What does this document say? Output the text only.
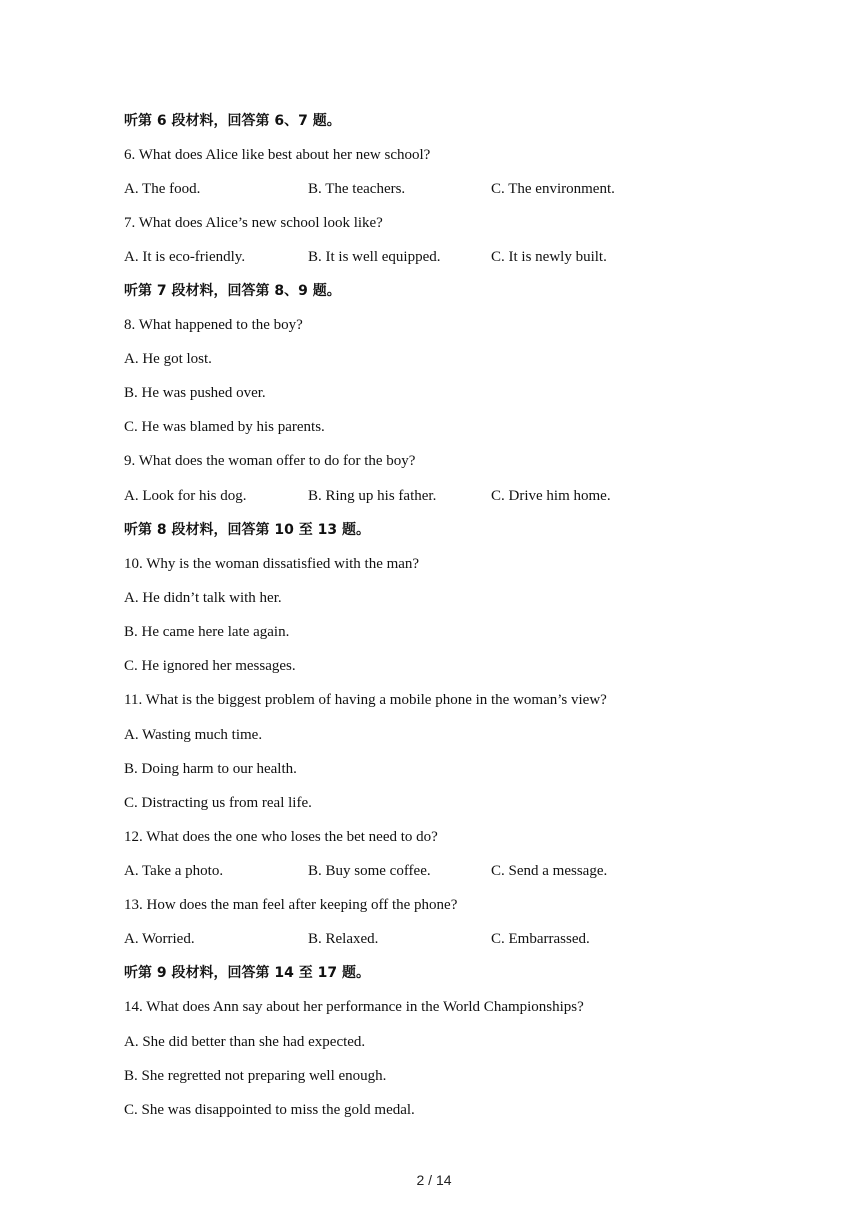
听第 6 段材料，回答第 6、7 题。
6. What does Alice like best about her new school?
A. The food.	B. The teachers.	C. The environment.
7. What does Alice’s new school look like?
A. It is eco-friendly.	B. It is well equipped.	C. It is newly built.
听第 7 段材料，回答第 8、9 题。
8. What happened to the boy?
A. He got lost.
B. He was pushed over.
C. He was blamed by his parents.
9. What does the woman offer to do for the boy?
A. Look for his dog.	B. Ring up his father.	C. Drive him home.
听第 8 段材料，回答第 10 至 13 题。
10. Why is the woman dissatisfied with the man?
A. He didn’t talk with her.
B. He came here late again.
C. He ignored her messages.
11. What is the biggest problem of having a mobile phone in the woman’s view?
A. Wasting much time.
B. Doing harm to our health.
C. Distracting us from real life.
12. What does the one who loses the bet need to do?
A. Take a photo.	B. Buy some coffee.	C. Send a message.
13. How does the man feel after keeping off the phone?
A. Worried.	B. Relaxed.	C. Embarrassed.
听第 9 段材料，回答第 14 至 17 题。
14. What does Ann say about her performance in the World Championships?
A. She did better than she had expected.
B. She regretted not preparing well enough.
C. She was disappointed to miss the gold medal.
2 / 14
